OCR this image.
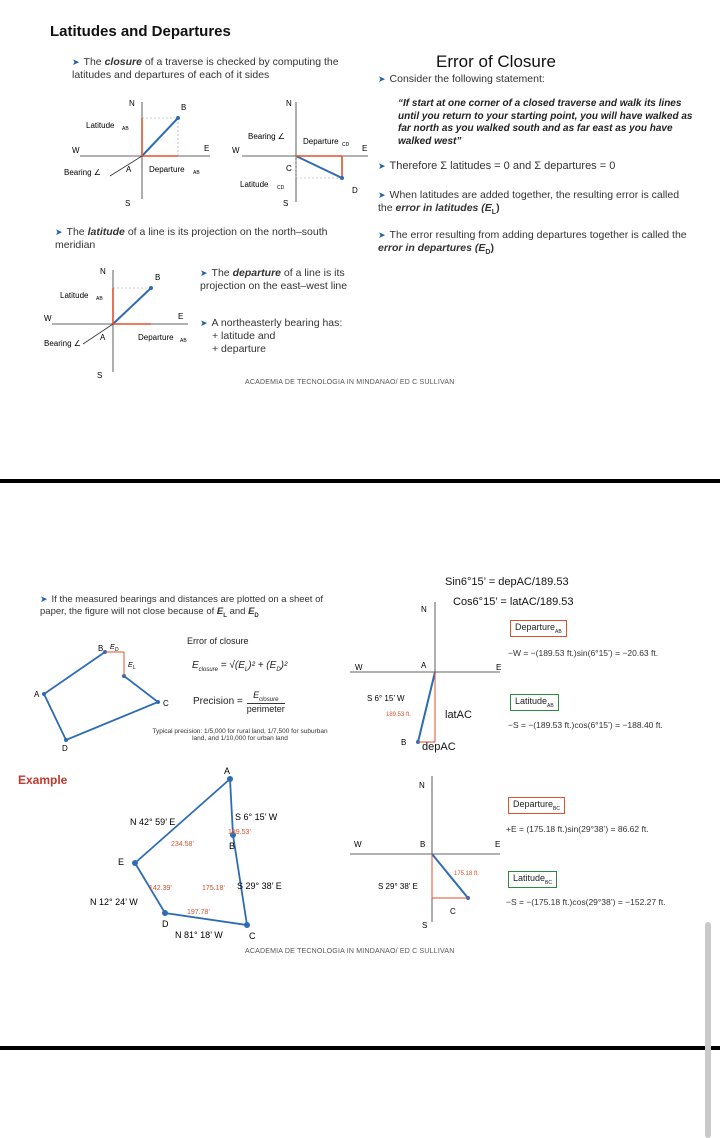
Latitudes and Departures
➤ The closure of a traverse is checked by computing the latitudes and departures of each of it sides
N	B
E
W
S
A
Latitude AB
Departure AB
Bearing ∠
N
E
W
S
C
D
Bearing ∠
Departure CD
Latitude CD
➤ The latitude of a line is its projection on the north–south meridian
N
B
E
W
S
A
Latitude AB
Departure AB
Bearing ∠
➤ The departure of a line is its projection on the east–west line
➤ A northeasterly bearing has:
+ latitude and
+ departure
Error of Closure
➤ Consider the following statement:
“If start at one corner of a closed traverse and walk its lines until you return to your starting point, you will have walked as far north as you walked south and as far east as you have walked west”
➤ Therefore Σ latitudes = 0 and Σ departures = 0
➤ When latitudes are added together, the resulting error is called the error in latitudes $(E_L)$
➤ The error resulting from adding departures together is called the error in departures $(E_D)$
ACADEMIA DE TECNOLOGIA IN MINDANAO/ ED C SULLIVAN
➤ If the measured bearings and distances are plotted on a sheet of paper, the figure will not close because of $E_L$ and $E_D$
B E D
E L
A
D
C
Error of closure
$E_{closure} = √(E_L)^2 + (E_D)^2$
Precision =
$E_{closure}$
perimeter
Typical precision: 1/5,000 for rural land, 1/7,500 for suburban land, and 1/10,000 for urban land
Example
A
B
C
D
E
S 6° 15’ W
189.53’
N 42° 59’ E
234.58’
142.39’	175.18’ S 29° 38’ E
N 12° 24’ W
197.78’
N 81° 18’ W
Sin6°15’ = depAC/189.53
Cos6°15’ = latAC/189.53
N
E
W	A
S 6° 15’ W
189.53 ft.
B
latAC
depAC
Departure$_{AB}$
−W = −(189.53 ft.)sin(6°15’) = −20.63 ft.
Latitude$_{AB}$
−S = −(189.53 ft.)cos(6°15’) = −188.40 ft.
N
E
W	B
C
S
S 29° 38’ E
175.18 ft.
Departure$_{BC}$
+E = (175.18 ft.)sin(29°38’) = 86.62 ft.
Latitude$_{BC}$
−S = −(175.18 ft.)cos(29°38’) = −152.27 ft.
ACADEMIA DE TECNOLOGIA IN MINDANAO/ ED C SULLIVAN
